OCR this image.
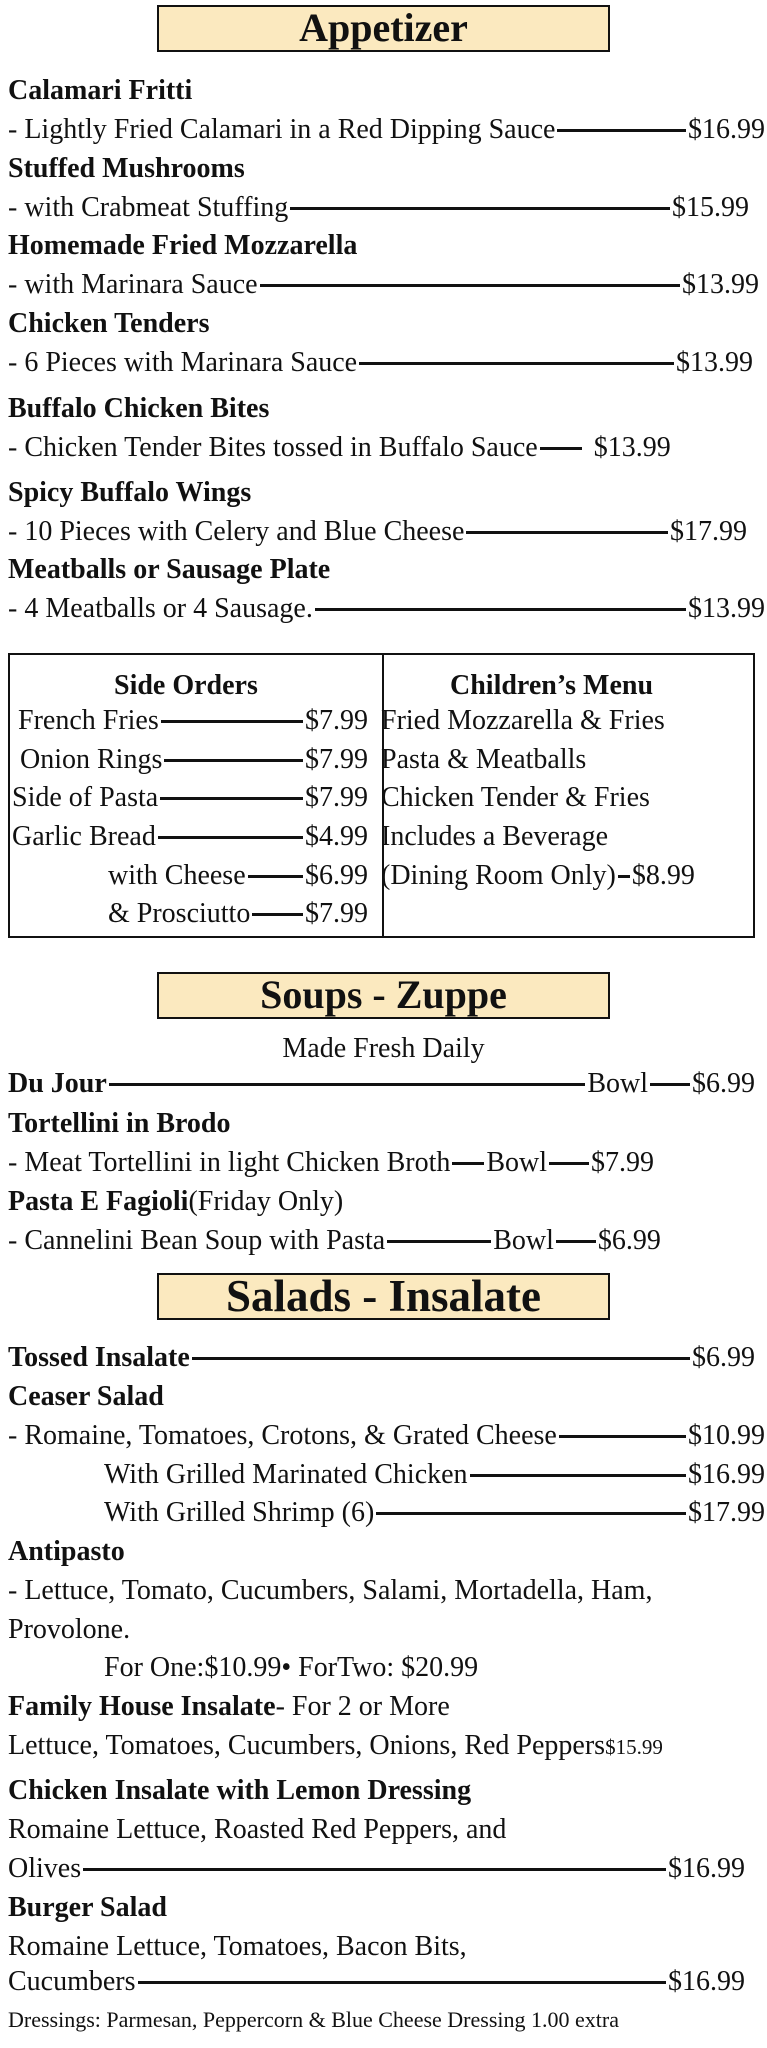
Appetizer
Calamari Fritti
- Lightly Fried Calamari in a Red Dipping Sauce	$16.99
Stuffed Mushrooms
- with Crabmeat Stuffing	$15.99
Homemade Fried Mozzarella
- with Marinara Sauce	$13.99
Chicken Tenders
- 6 Pieces with Marinara Sauce	$13.99
Buffalo Chicken Bites
- Chicken Tender Bites tossed in Buffalo Sauce $13.99
Spicy Buffalo Wings
- 10 Pieces with Celery and Blue Cheese	$17.99
Meatballs or Sausage Plate
- 4 Meatballs or 4 Sausage.	$13.99
Side Orders
French Fries	$7.99
Onion Rings	$7.99
Side of Pasta	$7.99
Garlic Bread	$4.99
with Cheese $6.99
& Prosciutto $7.99
Children’s Menu
Fried Mozzarella & Fries
Pasta & Meatballs
Chicken Tender & Fries
Includes a Beverage
(Dining Room Only) $8.99
Soups - Zuppe
Made Fresh Daily
Du Jour	Bowl $6.99
Tortellini in Brodo
- Meat Tortellini in light Chicken Broth Bowl $7.99
Pasta E Fagioli (Friday Only)
- Cannelini Bean Soup with Pasta	Bowl $6.99
Salads - Insalate
Tossed Insalate	$6.99
Ceaser Salad
- Romaine, Tomatoes, Crotons, & Grated Cheese	$10.99
With Grilled Marinated Chicken	$16.99
With Grilled Shrimp (6)	$17.99
Antipasto
- Lettuce, Tomato, Cucumbers, Salami, Mortadella, Ham,
Provolone.
For One:$10.99• ForTwo: $20.99
Family House Insalate - For 2 or More
Lettuce, Tomatoes, Cucumbers, Onions, Red Peppers $15.99
Chicken Insalate with Lemon Dressing
Romaine Lettuce, Roasted Red Peppers, and
Olives	$16.99
Burger Salad
Romaine Lettuce, Tomatoes, Bacon Bits,
Cucumbers	$16.99
Dressings: Parmesan, Peppercorn & Blue Cheese Dressing 1.00 extra
